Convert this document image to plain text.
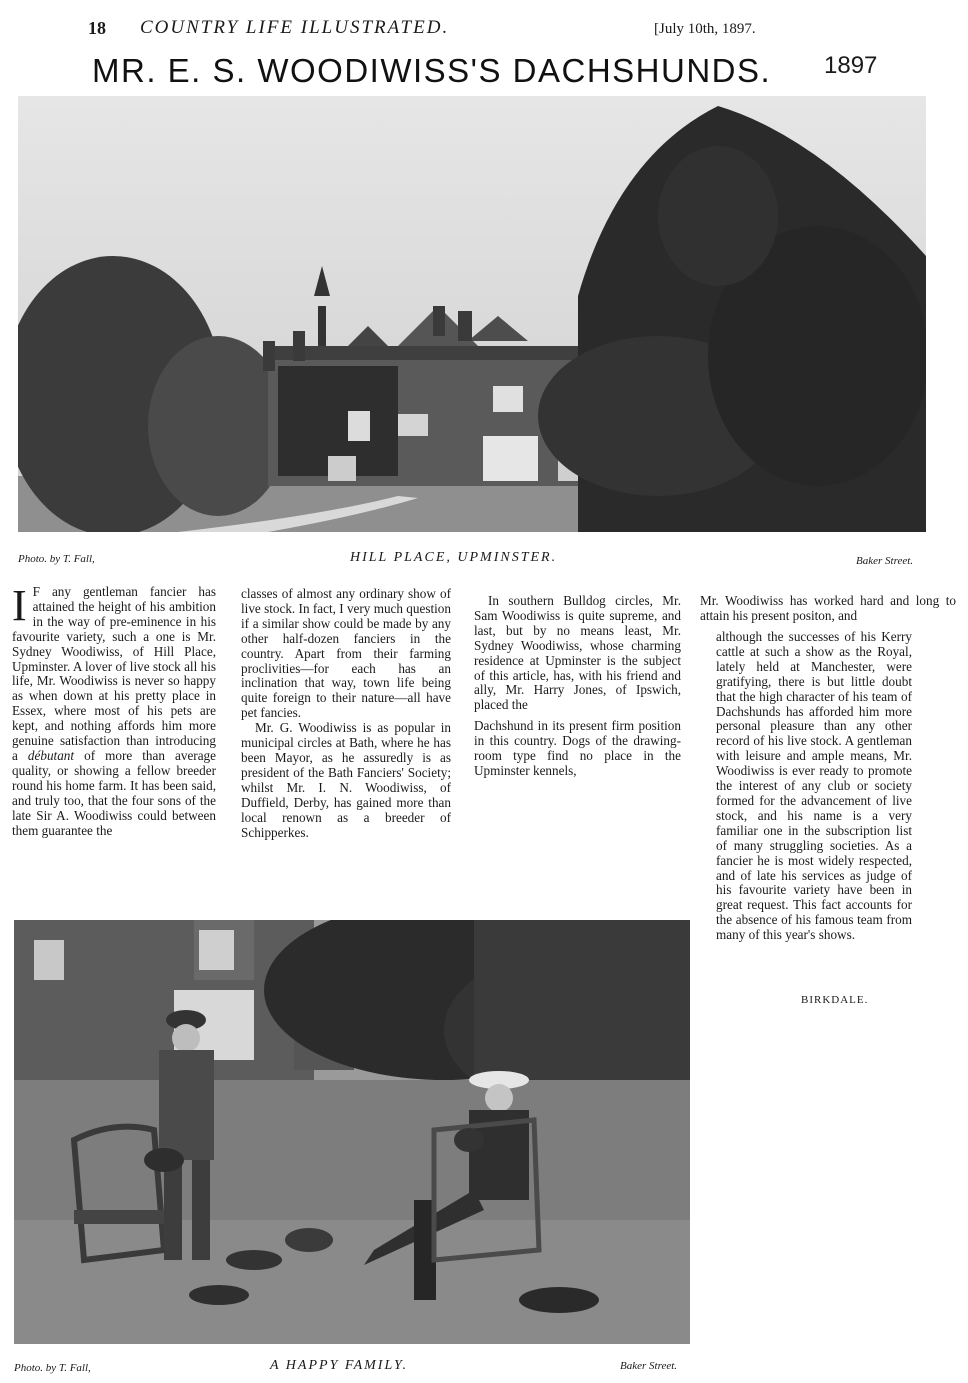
18 COUNTRY LIFE ILLUSTRATED.	[July 10th, 1897.
1897
MR. E. S. WOODIWISS'S DACHSHUNDS.
Photo. by T. Fall,	HILL PLACE, UPMINSTER.	Baker Street.

I F any gentleman fancier has attained the height of his ambition in the way of pre-eminence in his favourite variety, such a one is Mr. Sydney Woodiwiss, of Hill Place, Upminster. A lover of live stock all his life, Mr. Woodiwiss is never so happy as when down at his pretty place in Essex, where most of his pets are kept, and nothing affords him more genuine satisfaction than introducing a débutant of more than average quality, or showing a fellow breeder round his home farm. It has been said, and truly too, that the four sons of the late Sir A. Woodiwiss could between them guarantee the

classes of almost any ordinary show of live stock. In fact, I very much question if a similar show could be made by any other half-dozen fanciers in the country. Apart from their farming proclivities—for each has an inclination that way, town life being quite foreign to their nature—all have pet fancies.

Mr. G. Woodiwiss is as popular in municipal circles at Bath, where he has been Mayor, as he assuredly is as president of the Bath Fanciers' Society; whilst Mr. I. N. Woodiwiss, of Duffield, Derby, has gained more than local renown as a breeder of Schipperkes.

In southern Bulldog circles, Mr. Sam Woodiwiss is quite supreme, and last, but by no means least, Mr. Sydney Woodiwiss, whose charming residence at Upminster is the subject of this article, has, with his friend and ally, Mr. Harry Jones, of Ipswich, placed the

Dachshund in its present firm position in this country. Dogs of the drawing-room type find no place in the Upminster kennels,

Mr. Woodiwiss has worked hard and long to attain his present positon, and

although the successes of his Kerry cattle at such a show as the Royal, lately held at Manchester, were gratifying, there is but little doubt that the high character of his team of Dachshunds has afforded him more personal pleasure than any other record of his live stock. A gentleman with leisure and ample means, Mr. Woodiwiss is ever ready to promote the interest of any club or society formed for the advancement of live stock, and his name is a very familiar one in the subscription list of many struggling societies. As a fancier he is most widely respected, and of late his services as judge of his favourite variety have been in great request. This fact accounts for the absence of his famous team from many of this year's shows.

BIRKDALE.
Photo. by T. Fall,	A HAPPY FAMILY.	Baker Street.
